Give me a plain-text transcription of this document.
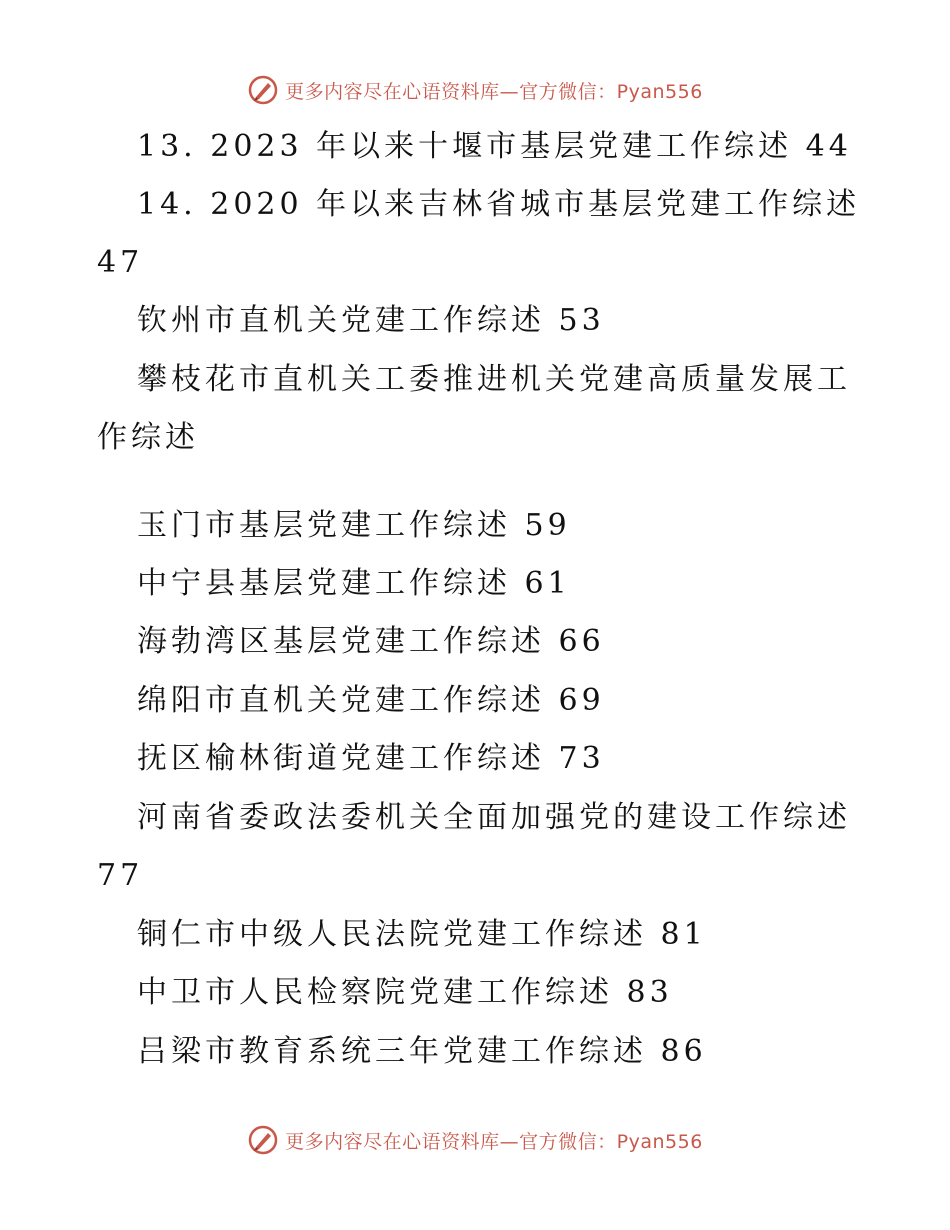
更多内容尽在心语资料库—官方微信：Pyan556
13. 2023 年以来十堰市基层党建工作综述 44
14. 2020 年以来吉林省城市基层党建工作综述
47
钦州市直机关党建工作综述 53
攀枝花市直机关工委推进机关党建高质量发展工
作综述
玉门市基层党建工作综述 59
中宁县基层党建工作综述 61
海勃湾区基层党建工作综述 66
绵阳市直机关党建工作综述 69
抚区榆林街道党建工作综述 73
河南省委政法委机关全面加强党的建设工作综述
77
铜仁市中级人民法院党建工作综述 81
中卫市人民检察院党建工作综述 83
吕梁市教育系统三年党建工作综述 86
更多内容尽在心语资料库—官方微信：Pyan556
